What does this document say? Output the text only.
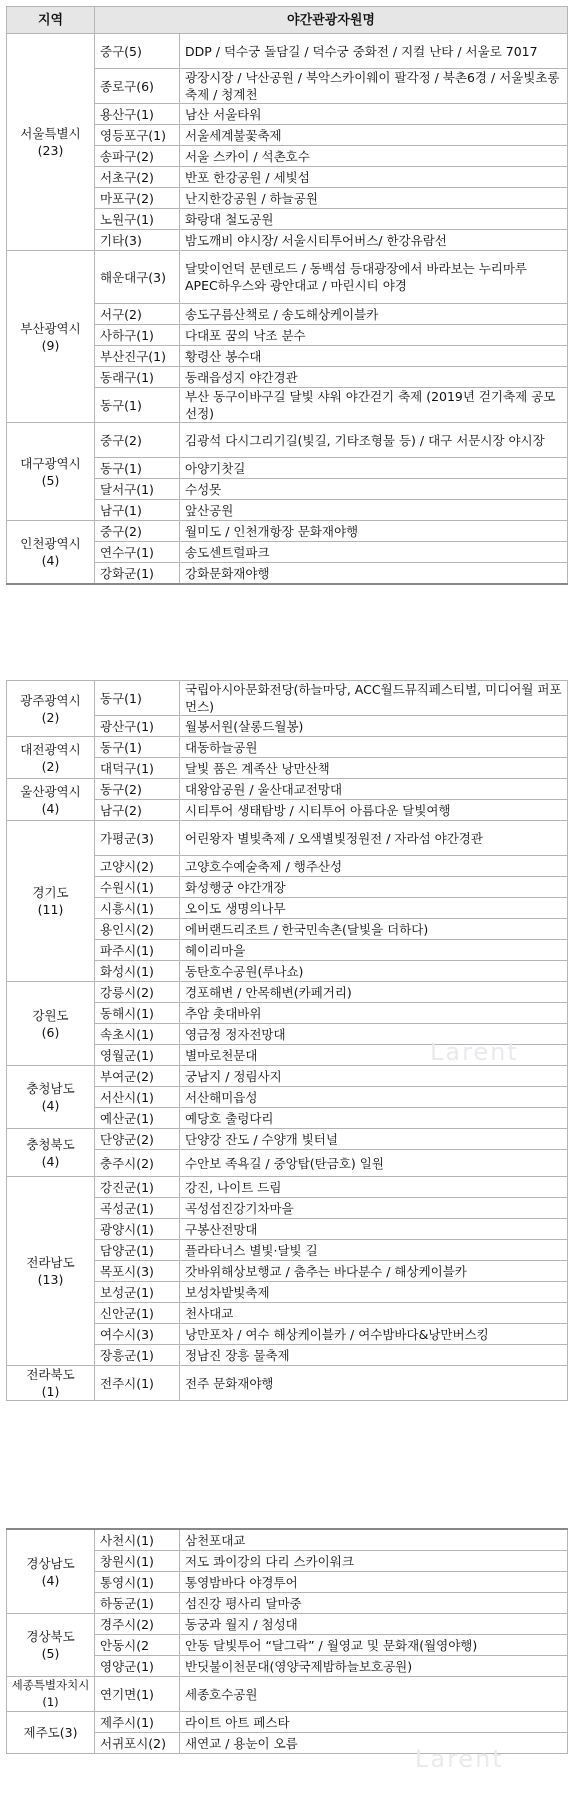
지역	야간관광자원명	

서울특별시
(23)	중구(5)	DDP / 덕수궁 돌담길 / 덕수궁 중화전 / 지컬 난타 / 서울로 7017
	종로구(6)	광장시장 / 낙산공원 / 북악스카이웨이 팔각정 / 북촌6경 / 서울빛초롱축제 / 청계천
	용산구(1)	남산 서울타워
	영등포구(1)	서울세계불꽃축제
	송파구(2)	서울 스카이 / 석촌호수
	서초구(2)	반포 한강공원 / 세빛섬
	마포구(2)	난지한강공원 / 하늘공원
	노원구(1)	화랑대 철도공원
	기타(3)	밤도깨비 야시장/ 서울시티투어버스/ 한강유람선

부산광역시
(9)	해운대구(3)	달맞이언덕 문텐로드 / 동백섬 등대광장에서 바라보는 누리마루 APEC하우스와 광안대교 / 마린시티 야경
	서구(2)	송도구름산책로 / 송도해상케이블카
	사하구(1)	다대포 꿈의 낙조 분수
	부산진구(1)	황령산 봉수대
	동래구(1)	동래읍성지 야간경관
	동구(1)	부산 동구이바구길 달빛 샤워 야간걷기 축제 (2019년 걷기축제 공모 선정)

대구광역시
(5)	중구(2)	김광석 다시그리기길(빛길, 기타조형물 등) / 대구 서문시장 야시장
	동구(1)	아양기찻길
	달서구(1)	수성못
	남구(1)	앞산공원

인천광역시
(4)	중구(2)	월미도 / 인천개항장 문화재야행
	연수구(1)	송도센트럴파크
	강화군(1)	강화문화재야행
광주광역시
(2)	동구(1)	국립아시아문화전당(하늘마당, ACC월드뮤직페스티벌, 미디어월 퍼포먼스)
	광산구(1)	월봉서원(살롱드월봉)

대전광역시
(2)	동구(1)	대동하늘공원
	대덕구(1)	달빛 품은 계족산 낭만산책

울산광역시
(4)	동구(2)	대왕암공원 / 울산대교전망대
	남구(2)	시티투어 생태탐방 / 시티투어 아름다운 달빛여행

경기도
(11)	가평군(3)	어린왕자 별빛축제 / 오색별빛정원전 / 자라섬 야간경관
	고양시(2)	고양호수예술축제 / 행주산성
	수원시(1)	화성행궁 야간개장
	시흥시(1)	오이도 생명의나무
	용인시(2)	에버랜드리조트 / 한국민속촌(달빛을 더하다)
	파주시(1)	헤이리마을
	화성시(1)	동탄호수공원(루나쇼)

강원도
(6)	강릉시(2)	경포해변 / 안목해변(카페거리)
	동해시(1)	추암 촛대바위
	속초시(1)	영금정 정자전망대
	영월군(1)	별마로천문대

충청남도
(4)	부여군(2)	궁남지 / 정림사지
	서산시(1)	서산해미읍성
	예산군(1)	예당호 출렁다리

충청북도
(4)	단양군(2)	단양강 잔도 / 수양개 빛터널
	충주시(2)	수안보 족욕길 / 중앙탑(탄금호) 일원

전라남도
(13)	강진군(1)	강진, 나이트 드림
	곡성군(1)	곡성섬진강기차마을
	광양시(1)	구봉산전망대
	담양군(1)	플라타너스 별빛·달빛 길
	목포시(3)	갓바위해상보행교 / 춤추는 바다분수 / 해상케이블카
	보성군(1)	보성차밭빛축제
	신안군(1)	천사대교
	여수시(3)	낭만포차 / 여수 해상케이블카 / 여수밤바다&낭만버스킹
	장흥군(1)	정남진 장흥 물축제

전라북도
(1)	전주시(1)	전주 문화재야행
경상남도
(4)	사천시(1)	삼천포대교
	창원시(1)	저도 콰이강의 다리 스카이워크
	통영시(1)	통영밤바다 야경투어
	하동군(1)	섬진강 평사리 달마중

경상북도
(5)	경주시(2)	동궁과 월지 / 첨성대
	안동시(2	안동 달빛투어 “달그락” / 월영교 및 문화재(월영야행)
	영양군(1)	반딧불이천문대(영양국제밤하늘보호공원)

세종특별자치시
(1)	연기면(1)	세종호수공원

제주도(3)	제주시(1)	라이트 아트 페스타
	서귀포시(2)	새연교 / 용눈이 오름
Larent
Larent
